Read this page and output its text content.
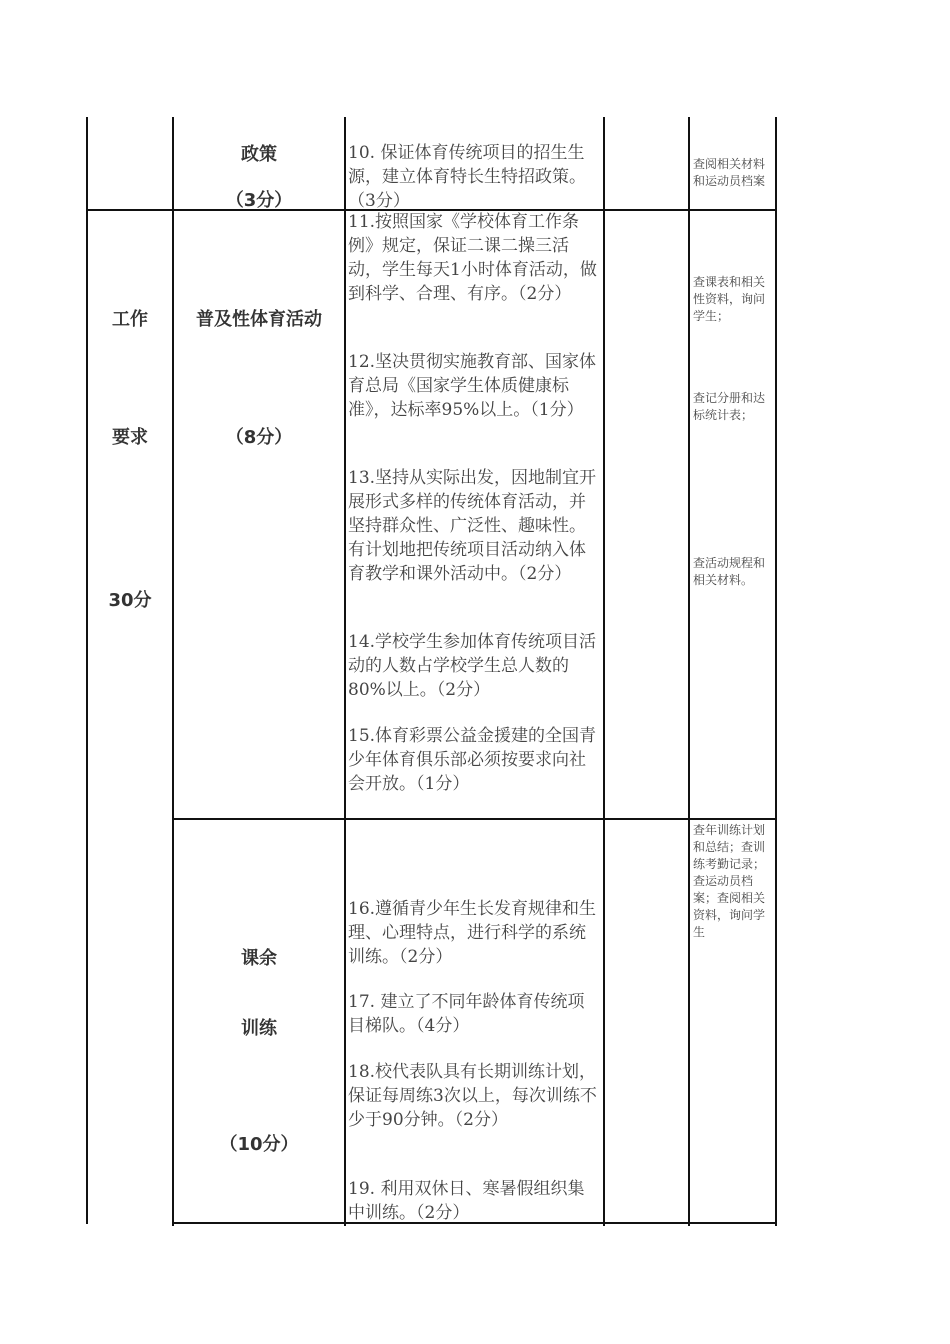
政策
（3分）
10. 保证体育传统项目的招生生源，建立体育特长生特招政策。（3分）
查阅相关材料和运动员档案
工作
要求
30分
普及性体育活动
（8分）
11.按照国家《学校体育工作条例》规定，保证二课二操三活动，学生每天1小时体育活动，做到科学、合理、有序。（2分）
12.坚决贯彻实施教育部、国家体育总局《国家学生体质健康标准》，达标率95%以上。（1分）
13.坚持从实际出发，因地制宜开展形式多样的传统体育活动，并坚持群众性、广泛性、趣味性。有计划地把传统项目活动纳入体育教学和课外活动中。（2分）
14.学校学生参加体育传统项目活动的人数占学校学生总人数的80%以上。（2分）
15.体育彩票公益金援建的全国青少年体育俱乐部必须按要求向社会开放。（1分）
查课表和相关性资料，询问学生；
查记分册和达标统计表；
查活动规程和相关材料。
课余
训练
（10分）
16.遵循青少年生长发育规律和生理、心理特点，进行科学的系统训练。（2分）
17. 建立了不同年龄体育传统项目梯队。（4分）
18.校代表队具有长期训练计划，保证每周练3次以上，每次训练不少于90分钟。（2分）
19. 利用双休日、寒暑假组织集中训练。（2分）
查年训练计划和总结；查训练考勤记录；查运动员档案；查阅相关资料，询问学生
